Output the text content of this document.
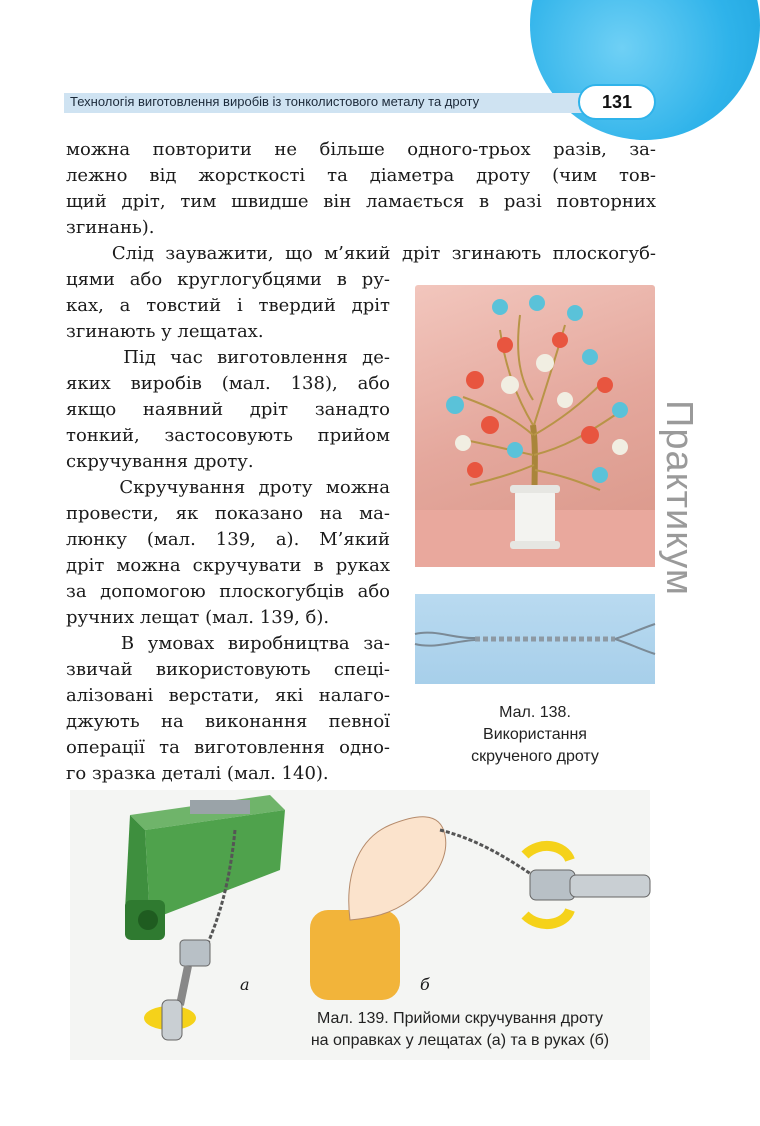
Технологія виготовлення виробів із тонколистового металу та дроту	131
Практикум
можна повторити не більше одного-трьох разів, за-
лежно від жорсткості та діаметра дроту (чим тов-
щий дріт, тим швидше він ламається в разі повторних
згинань).
Слід зауважити, що м’який дріт згинають плоскогуб-
цями або круглогубцями в ру-
ках, а товстий і твердий дріт
згинають у лещатах.
Під час виготовлення де-
яких виробів (мал. 138), або
якщо наявний дріт занадто
тонкий, застосовують прийом
скручування дроту.
Скручування дроту можна
провести, як показано на ма-
люнку (мал. 139, а). М’який
дріт можна скручувати в руках
за допомогою плоскогубців або
ручних лещат (мал. 139, б).
В умовах виробництва за-
звичай використовують спеці-
алізовані верстати, які налаго-
джують на виконання певної
операції та виготовлення одно-
го зразка деталі (мал. 140).
Мал. 138.
Використання
скрученого дроту
а	б
Мал. 139. Прийоми скручування дроту
на оправках у лещатах (а) та в руках (б)
